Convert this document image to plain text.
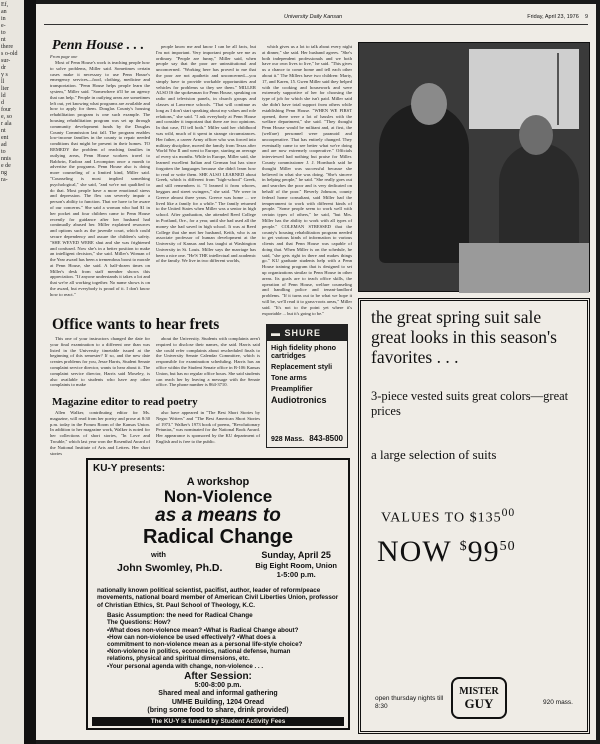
Ef,
an
in
e-
to
nt
there
s o-old
sur-
dr
y s
ll
lier
ld
d
four
e, so
r ala
nt
ent
ad
to
nnis
e de
ng
ra-
University Daily Kansan	Friday, April 23, 1976 9
Penn House . . .
From page one

Most of Penn House's work is teaching people how to solve problems, Miller said. Sometimes certain cases make it necessary to use Penn House's emergency services—food, clothing, medicine and transportation. "Penn House helps people learn the system," Miller said. "Somewhere it'll be an agency that can help." People in outlying areas are sometimes left out, yet knowing what programs are available and how to apply for them. Douglas County's housing rehabilitation program is one such example. The housing rehabilitation program was set up through community development funds by the Douglas County Commission last fall. The program enables low-income families in the county to repair needed conditions that might be present in their homes. TO REMEDY the problem of reaching families in outlying areas, Penn House workers travel to Baldwin, Eudora and Lecompton once a month to advertise the programs. Penn House also is doing more counseling of a limited kind, Miller said. "Counseling is most implied something psychological," she said, "and we're not qualified to do that. Most people have a more emotional stress and depression. The flex can severely impair a person's ability to function. That we have to be aware of our concerns." She said a woman who had $1 in her pocket and four children came to Penn House recently for guidance after her husband had continually abused her. Miller explained resources and options such as the juvenile court, which could secure dependency and assure the children's safety. "SHE WEVED WERE shut and she was frightened and confused. Now she's in a better position to make an intelligent decision," she said. Miller's Woman of the Year award has been a tremendous boost to morale at Penn House, she said. A half-dozen times on Miller's desk from staff member shows this appreciation. "If anyone understands it takes a lot and that we're all working together. No name shows is on the award, but everybody is proud of it. I don't know how to react."

people know me and know I can be all facts, but I'm not important. Very important people see me as ordinary. "People are funny," Miller said, when people say that the poor are uninstitutional and unconcerned. "Working here has proved to me that the poor are not apathetic and unconcerned—you simply have to provide workable opportunities and vehicles for problems so they see them." MILLER ALSO IS the spokesman for Penn House, speaking on radio and television panels, in church groups and classes at Lawrence schools. "That will continue as long as I don't start speaking about my values and role relations," she said. "I ask everybody at Penn House and consider it important that there are two opinions. In that case, I'll tell both." Miller said her childhood was wild, much of it spent in strange circumstances. Her father, a career Army officer who was forced into military discipline, moved the family from Texas after World War II and went to Europe, starting an average of every six months. While in Europe, Miller said, she learned excellent Italian and German but has since forgotten the languages because she didn't learn how to read or write them. SHE ALSO LEARNED about Greek, which is different from "high-school" Greek, and still remembers it. "I learned it from whores, beggars and street swingers," she said. "We were in Greece almost three years. Greece was home ... we lived like a family for a while." The family returned to the United States when Miller was a senior in high school. After graduation, she attended Reed College in Portland, Ore., for a year, until she had used all the money she had saved in high school. It was at Reed College that she met her husband, Keith, who is an associate professor of human development at the University of Kansas and has taught at Washington University in St. Louis. Miller says the marriage has been a nice one. "He'S THE intellectual and academic of the family. We live in two different worlds,

which gives us a lot to talk about every night at dinner," she said. Her husband agrees. "She's both independent professionals and we both have our own lives to live," he said. "This gives us a chance to come home and tell each other about it." The Millers have two children: Marty, 17, and Karen, 15. Gwen Miller said they helped with the cooking and housework and were extremely supportive of her for choosing the type of job for which she isn't paid. Miller said she didn't have total support from others while establishing Penn House. "WHEN WE FIRST opened, there were a lot of hassles with the welfare department," she said. "They thought Penn House would be militant and, at first, the (welfare) personnel were paranoid and uncooperative. That has entirely changed. They eventually came to see better what we're doing and are now extremely cooperative." Officials interviewed had nothing but praise for Miller. County commissioner J. J. Hornbach said he thought Miller was successful because she believed in what she was doing. "She's sincere in helping people," he said. "She really goes out and searches the poor and is very dedicated on behalf of the poor." Beverly Johnson, county federal home consultant, said Miller had the temperament to work with different kinds of people. "Some people seem to work well with certain types of others," he said, "but Mrs. Miller has the ability to work with all types of people." COLEMAN STRESSED that the county's housing rehabilitation program needed to get various kinds of information to various clients and that Penn House was capable of doing that. When Miller is on the schedule, he said, "she gets right in there and makes things go." KU graduate students help with a Penn House training program that is designed to set up organizations similar to Penn House in other areas. Its goals are to teach office skills, the operation of Penn House, welfare counseling and handling police and tenant-landlord problems. "If it turns out to be what we hope it will be, we'll read it to grass-roots areas," Miller said. "It's not to the point yet where it's exportable ... but it's going to be."

Office wants to hear frets

This one of your instructors changed the date for your final examination to a different one than was listed in the University timetable issued at the beginning of this semester? If so, and the new date creates problems for you, Jesse Harris, Student Senate complaint service director, wants to hear about it. The complaint service director, Harris said Moseley, is also available to students who have any other complaints to make

about the University. Students with complaints aren't required to disclose their names, she said. Harris said she could refer complaints about rescheduled finals to the University Senate Calendar Committee, which is responsible for examination scheduling. Harris has an office within the Student Senate office in B-106 Kansas Union, but has no regular office hours. She said students can reach her by leaving a message with the Senate office. The phone number is 864-3710.

▬ SHURE
High fidelity phono cartridges
Replacement styli
Tone arms
Preamplifier
Audiotronics
928 Mass. 843-8500
Magazine editor to read poetry

Allen Walker, contributing editor for Ms. magazine, will read from her poetry and prose at 8:30 p.m. today in the Forum Room of the Kansas Union. In addition to her magazine work, Walker is noted for her collections of short stories, "In Love and Trouble," which last year won the Rosenthal Award of the National Institute of Arts and Letters. Her short stories

also have appeared in "The Best Short Stories by Negro Writers" and "The Best American Short Stories of 1973." Walker's 1973 book of poems, "Revolutionary Petunias," was nominated for the National Book Award. Her appearance is sponsored by the KU department of English and is free to the public.

KU-Y presents:
A workshop
Non-Violence
as a means to
Radical Change
with
John Swomley, Ph.D.
Sunday, April 25
Big Eight Room, Union
1-5:00 p.m.
nationally known political scientist, pacifist, author, leader of reform/peace movements, national board member of American Civil Liberties Union, professor of Christian Ethics, St. Paul School of Theology, K.C.
Basic Assumption: the need for Radical Change
The Questions: How?
•What does non-violence mean? •What is Radical Change about?
•How can non-violence be used effectively? •What does a
commitment to non-violence mean as a personal life-style choice?
•Non-violence in politics, economics, national defense, human
relations, physical and spiritual dimensions, etc.
•Your personal agenda with change, non-violence . . .
After Session:
5:00-8:00 p.m.
Shared meal and informal gathering
UMHE Building, 1204 Oread
(bring some food to share, drink provided)
The KU-Y is funded by Student Activity Fees
the great spring suit sale great looks in this season's favorites . . .
3-piece vested suits great colors—great prices
a large selection of suits
VALUES TO $\$135^{00}$
NOW $^{\$}99^{50}$
open thursday nights till 8:30
MISTER
GUY	920 mass.
